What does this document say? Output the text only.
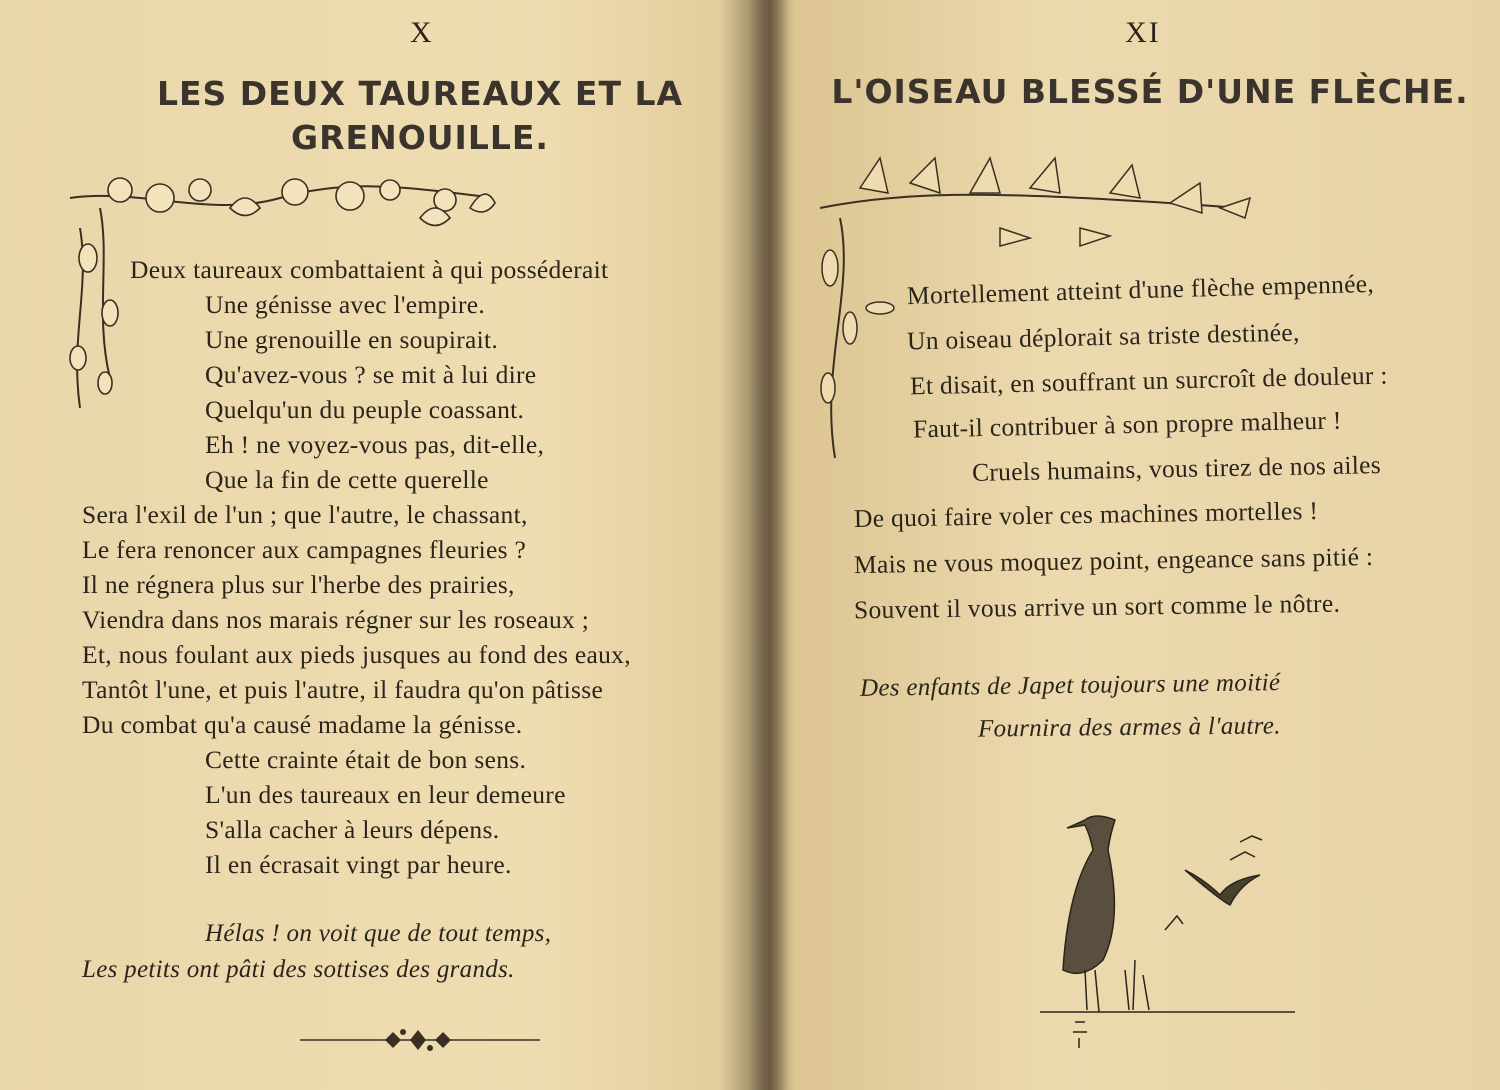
X
LES DEUX TAUREAUX ET LA
GRENOUILLE.
Deux taureaux combattaient à qui posséderait
Une génisse avec l'empire.
Une grenouille en soupirait.
Qu'avez-vous ? se mit à lui dire
Quelqu'un du peuple coassant.
Eh ! ne voyez-vous pas, dit-elle,
Que la fin de cette querelle
Sera l'exil de l'un ; que l'autre, le chassant,
Le fera renoncer aux campagnes fleuries ?
Il ne régnera plus sur l'herbe des prairies,
Viendra dans nos marais régner sur les roseaux ;
Et, nous foulant aux pieds jusques au fond des eaux,
Tantôt l'une, et puis l'autre, il faudra qu'on pâtisse
Du combat qu'a causé madame la génisse.
Cette crainte était de bon sens.
L'un des taureaux en leur demeure
S'alla cacher à leurs dépens.
Il en écrasait vingt par heure.
Hélas ! on voit que de tout temps,
Les petits ont pâti des sottises des grands.
XI
L'OISEAU BLESSÉ D'UNE FLÈCHE.
Mortellement atteint d'une flèche empennée,
Un oiseau déplorait sa triste destinée,
Et disait, en souffrant un surcroît de douleur :
Faut-il contribuer à son propre malheur !
Cruels humains, vous tirez de nos ailes
De quoi faire voler ces machines mortelles !
Mais ne vous moquez point, engeance sans pitié :
Souvent il vous arrive un sort comme le nôtre.
Des enfants de Japet toujours une moitié
Fournira des armes à l'autre.
